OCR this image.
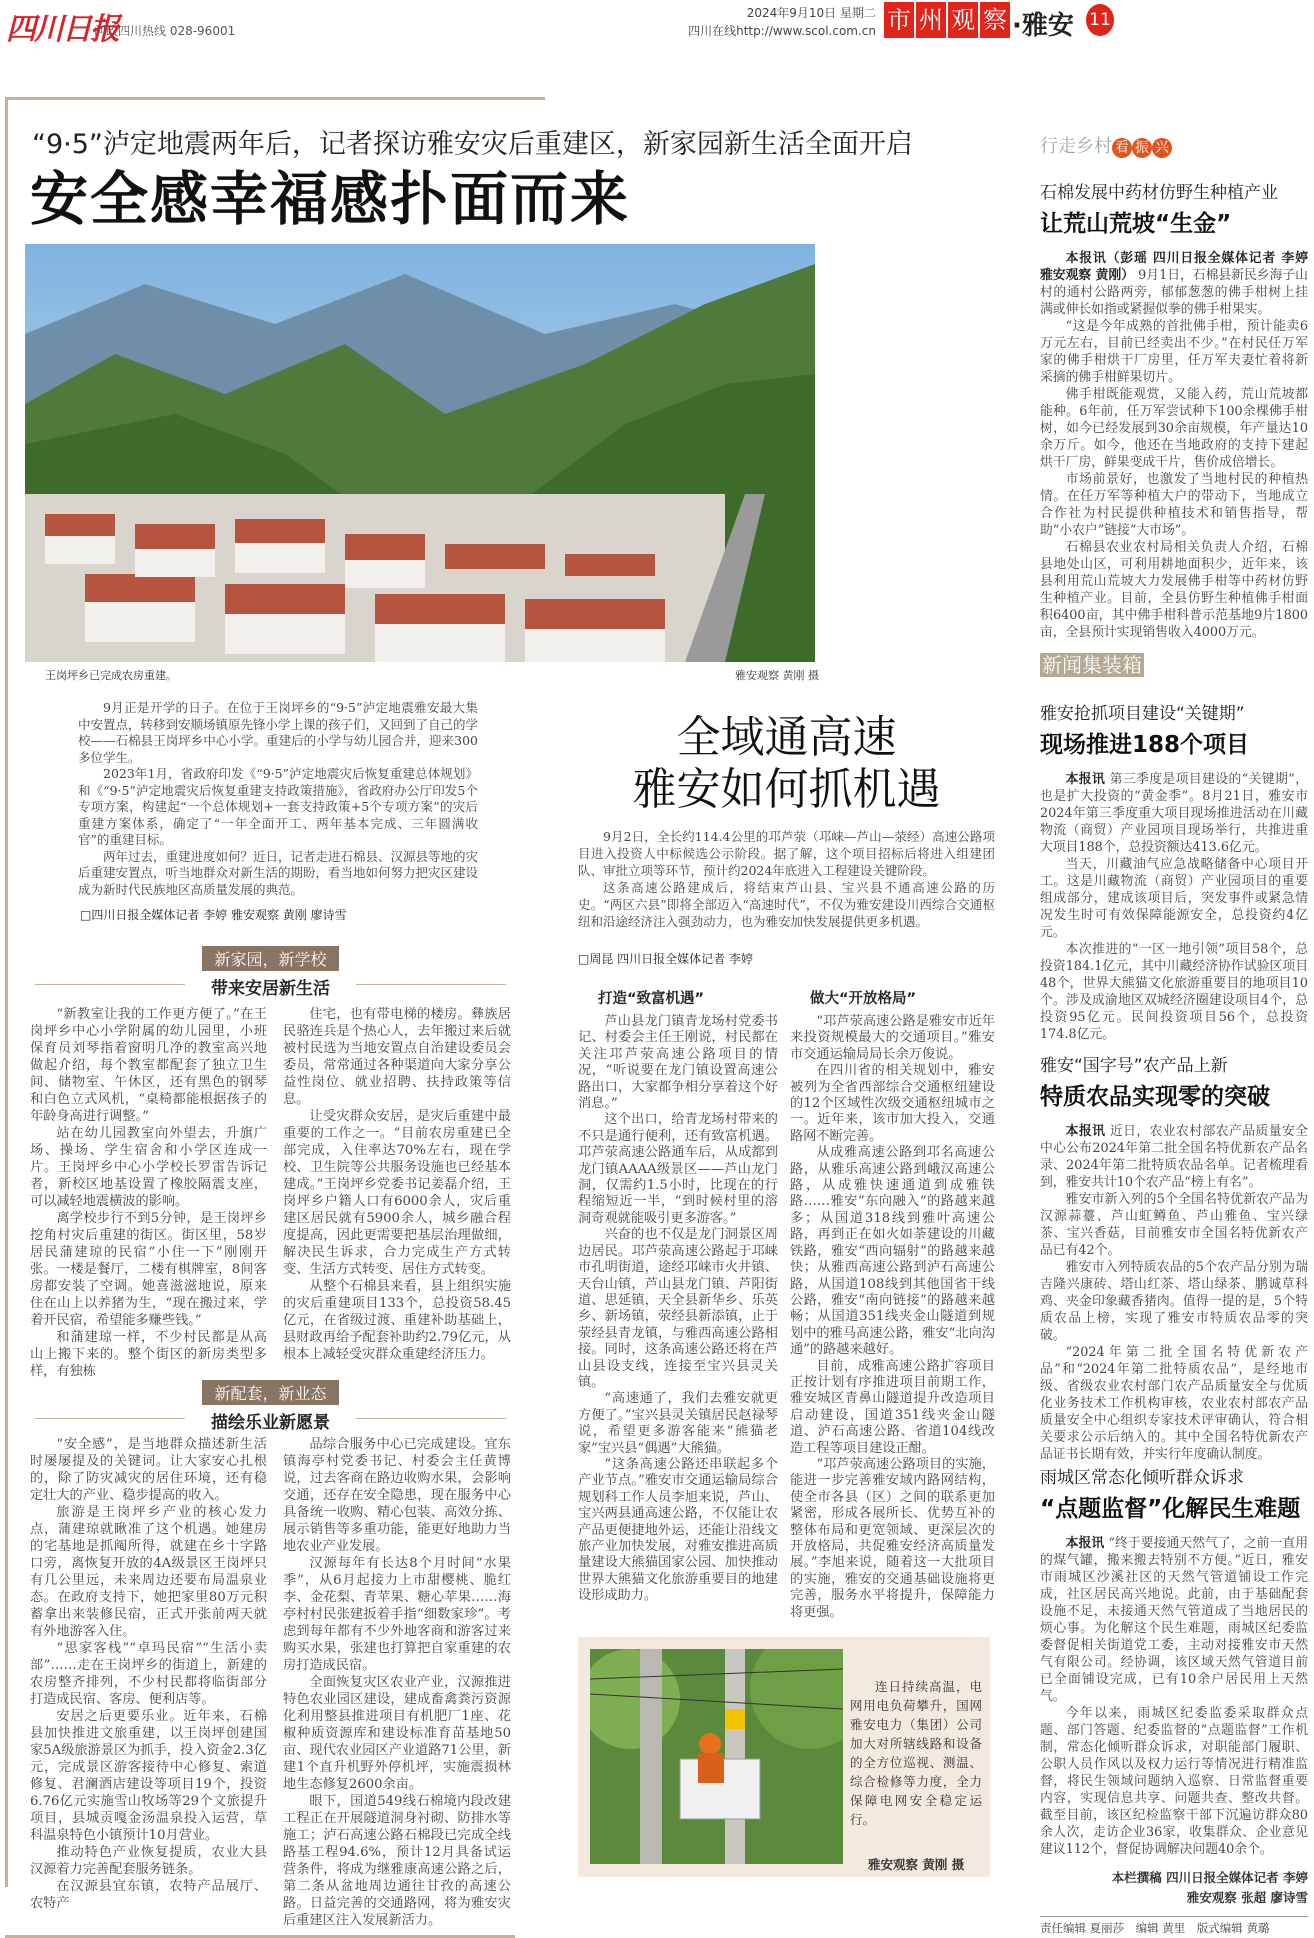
四川日报
问政四川热线 028-96001
2024年9月10日 星期二
四川在线http://www.scol.com.cn 市 州 观 察 ·雅安 11
“9·5”泸定地震两年后，记者探访雅安灾后重建区，新家园新生活全面开启
安全感幸福感扑面而来
王岗坪乡已完成农房重建。	雅安观察 黄刚 摄

9月正是开学的日子。在位于王岗坪乡的“9·5”泸定地震雅安最大集中安置点，转移到安顺场镇原先锋小学上课的孩子们，又回到了自己的学校——石棉县王岗坪乡中心小学。重建后的小学与幼儿园合并，迎来300多位学生。

2023年1月，省政府印发《“9·5”泸定地震灾后恢复重建总体规划》和《“9·5”泸定地震灾后恢复重建支持政策措施》，省政府办公厅印发5个专项方案，构建起“一个总体规划+一套支持政策+5个专项方案”的灾后重建方案体系，确定了“一年全面开工、两年基本完成、三年圆满收官”的重建目标。

两年过去，重建进度如何？近日，记者走进石棉县、汉源县等地的灾后重建安置点，听当地群众对新生活的期盼，看当地如何努力把灾区建设成为新时代民族地区高质量发展的典范。

□四川日报全媒体记者 李婷 雅安观察 黄刚 廖诗雪
新家园，新学校
带来安居新生活

“新教室让我的工作更方便了。”在王岗坪乡中心小学附属的幼儿园里，小班保育员刘琴指着窗明几净的教室高兴地做起介绍，每个教室都配套了独立卫生间、储物室、午休区，还有黑色的钢琴和白色立式风机，“桌椅都能根据孩子的年龄身高进行调整。”

站在幼儿园教室向外望去，升旗广场、操场、学生宿舍和小学区连成一片。王岗坪乡中心小学校长罗雷告诉记者，新校区地基设置了橡胶隔震支座，可以减轻地震横波的影响。

离学校步行不到5分钟，是王岗坪乡挖角村灾后重建的街区。街区里，58岁居民蒲建琼的民宿“小住一下”刚刚开张。一楼是餐厅，二楼有棋牌室，8间客房都安装了空调。她喜滋滋地说，原来住在山上以养猪为生，“现在搬过来，学着开民宿，希望能多赚些钱。”

和蒲建琼一样，不少村民都是从高山上搬下来的。整个街区的新房类型多样，有独栋

住宅，也有带电梯的楼房。彝族居民骆连兵是个热心人，去年搬过来后就被村民选为当地安置点自治建设委员会委员，常常通过各种渠道向大家分享公益性岗位、就业招聘、扶持政策等信息。

让受灾群众安居，是灾后重建中最重要的工作之一。“目前农房重建已全部完成，入住率达70%左右，现在学校、卫生院等公共服务设施也已经基本建成。”王岗坪乡党委书记姜磊介绍，王岗坪乡户籍人口有6000余人，灾后重建区居民就有5900余人，城乡融合程度提高，因此更需要把基层治理做细，解决民生诉求，合力完成生产方式转变、生活方式转变、居住方式转变。

从整个石棉县来看，县上组织实施的灾后重建项目133个，总投资58.45亿元，在省级过渡、重建补助基础上，县财政再给予配套补助约2.79亿元，从根本上减轻受灾群众重建经济压力。

新配套，新业态
描绘乐业新愿景

“安全感”，是当地群众描述新生活时屡屡提及的关键词。让大家安心扎根的，除了防灾减灾的居住环境，还有稳定壮大的产业、稳步提高的收入。

旅游是王岗坪乡产业的核心发力点，蒲建琼就瞅准了这个机遇。她建房的宅基地是抓阄所得，就建在乡十字路口旁，离恢复开放的4A级景区王岗坪只有几公里远，未来周边还要布局温泉业态。在政府支持下，她把家里80万元积蓄拿出来装修民宿，正式开张前两天就有外地游客入住。

“思家客栈”“卓玛民宿”“生活小卖部”……走在王岗坪乡的街道上，新建的农房整齐排列，不少村民都将临街部分打造成民宿、客房、便利店等。

安居之后更要乐业。近年来，石棉县加快推进文旅重建，以王岗坪创建国家5A级旅游景区为抓手，投入资金2.3亿元，完成景区游客接待中心修复、索道修复、君澜酒店建设等项目19个，投资6.76亿元实施雪山牧场等29个文旅提升项目，县城贡嘎金汤温泉投入运营，草科温泉特色小镇预计10月营业。

推动特色产业恢复提质，农业大县汉源着力完善配套服务链条。

在汉源县宜东镇，农特产品展厅、农特产

品综合服务中心已完成建设。宜东镇海亭村党委书记、村委会主任黄博说，过去客商在路边收购水果，会影响交通，还存在安全隐患，现在服务中心具备统一收购、精心包装、高效分拣、展示销售等多重功能，能更好地助力当地农业产业发展。

汉源每年有长达8个月时间“水果季”，从6月起接力上市甜樱桃、脆红李、金花梨、青苹果、糖心苹果……海亭村村民张建扳着手指“细数家珍”。考虑到每年都有不少外地客商和游客过来购买水果，张建也打算把自家重建的农房打造成民宿。

全面恢复灾区农业产业，汉源推进特色农业园区建设，建成畜禽粪污资源化利用整县推进项目有机肥厂1座、花椒种质资源库和建设标准育苗基地50亩、现代农业园区产业道路71公里，新建1个直升机野外停机坪，实施震损林地生态修复2600余亩。

眼下，国道549线石棉境内段改建工程正在开展隧道洞身衬砌、防排水等施工；泸石高速公路石棉段已完成全线路基工程94.6%，预计12月具备试运营条件，将成为继雅康高速公路之后，第二条从盆地周边通往甘孜的高速公路。日益完善的交通路网，将为雅安灾后重建区注入发展新活力。

全域通高速
雅安如何抓机遇

9月2日，全长约114.4公里的邛芦荥（邛崃—芦山—荥经）高速公路项目进入投资人中标候选公示阶段。据了解，这个项目招标后将进入组建团队、审批立项等环节，预计约2024年底进入工程建设关键阶段。

这条高速公路建成后，将结束芦山县、宝兴县不通高速公路的历史。“两区六县”即将全部迈入“高速时代”，不仅为雅安建设川西综合交通枢纽和沿途经济注入强劲动力，也为雅安加快发展提供更多机遇。

□周昆 四川日报全媒体记者 李婷
打造“致富机遇”

芦山县龙门镇青龙场村党委书记、村委会主任王刚说，村民都在关注邛芦荥高速公路项目的情况，“听说要在龙门镇设置高速公路出口，大家都争相分享着这个好消息。”

这个出口，给青龙场村带来的不只是通行便利，还有致富机遇。邛芦荥高速公路通车后，从成都到龙门镇AAAA级景区——芦山龙门洞，仅需约1.5小时，比现在的行程缩短近一半，“到时候村里的溶洞奇观就能吸引更多游客。”

兴奋的也不仅是龙门洞景区周边居民。邛芦荥高速公路起于邛崃市孔明街道，途经邛崃市火井镇、天台山镇，芦山县龙门镇、芦阳街道、思延镇，天全县新华乡、乐英乡、新场镇，荥经县新添镇，止于荥经县青龙镇，与雅西高速公路相接。同时，这条高速公路还将在芦山县设支线，连接至宝兴县灵关镇。

“高速通了，我们去雅安就更方便了。”宝兴县灵关镇居民赵禄琴说，希望更多游客能来“熊猫老家”宝兴县“偶遇”大熊猫。

“这条高速公路还串联起多个产业节点。”雅安市交通运输局综合规划科工作人员李旭来说，芦山、宝兴两县通高速公路，不仅能让农产品更便捷地外运，还能让沿线文旅产业加快发展，对雅安推进高质量建设大熊猫国家公园、加快推动世界大熊猫文化旅游重要目的地建设形成助力。

做大“开放格局”

“邛芦荥高速公路是雅安市近年来投资规模最大的交通项目。”雅安市交通运输局局长余万俊说。

在四川省的相关规划中，雅安被列为全省西部综合交通枢纽建设的12个区域性次级交通枢纽城市之一。近年来，该市加大投入，交通路网不断完善。

从成雅高速公路到邛名高速公路，从雅乐高速公路到峨汉高速公路，从成雅快速通道到成雅铁路……雅安“东向融入”的路越来越多；从国道318线到雅叶高速公路，再到正在如火如荼建设的川藏铁路，雅安“西向辐射”的路越来越快；从雅西高速公路到泸石高速公路，从国道108线到其他国省干线公路，雅安“南向链接”的路越来越畅；从国道351线夹金山隧道到规划中的雅马高速公路，雅安“北向沟通”的路越来越好。

目前，成雅高速公路扩容项目正按计划有序推进项目前期工作，雅安城区青鼻山隧道提升改造项目启动建设，国道351线夹金山隧道、泸石高速公路、省道104线改造工程等项目建设正酣。

“邛芦荥高速公路项目的实施，能进一步完善雅安域内路网结构，使全市各县（区）之间的联系更加紧密，形成各展所长、优势互补的整体布局和更宽领域、更深层次的开放格局，共促雅安经济高质量发展。”李旭来说，随着这一大批项目的实施，雅安的交通基础设施将更完善，服务水平将提升，保障能力将更强。

连日持续高温，电网用电负荷攀升，国网雅安电力（集团）公司加大对所辖线路和设备的全方位巡视、测温、综合检修等力度，全力保障电网安全稳定运行。

雅安观察 黄刚 摄
行走乡村 看 振 兴
石棉发展中药材仿野生种植产业
让荒山荒坡“生金”

本报讯（彭瑶 四川日报全媒体记者 李婷 雅安观察 黄刚） 9月1日，石棉县新民乡海子山村的通村公路两旁，郁郁葱葱的佛手柑树上挂满或伸长如指或紧握似拳的佛手柑果实。

“这是今年成熟的首批佛手柑，预计能卖6万元左右，目前已经卖出不少。”在村民任万军家的佛手柑烘干厂房里，任万军夫妻忙着将新采摘的佛手柑鲜果切片。

佛手柑既能观赏，又能入药，荒山荒坡都能种。6年前，任万军尝试种下100余棵佛手柑树，如今已经发展到30余亩规模，年产量达10余万斤。如今，他还在当地政府的支持下建起烘干厂房，鲜果变成干片，售价成倍增长。

市场前景好，也激发了当地村民的种植热情。在任万军等种植大户的带动下，当地成立合作社为村民提供种植技术和销售指导，帮助“小农户”链接“大市场”。

石棉县农业农村局相关负责人介绍，石棉县地处山区，可利用耕地面积少，近年来，该县利用荒山荒坡大力发展佛手柑等中药材仿野生种植产业。目前，全县仿野生种植佛手柑面积6400亩，其中佛手柑科普示范基地9片1800亩，全县预计实现销售收入4000万元。

新闻集装箱
雅安抢抓项目建设“关键期”
现场推进188个项目

本报讯 第三季度是项目建设的“关键期”，也是扩大投资的“黄金季”。8月21日，雅安市2024年第三季度重大项目现场推进活动在川藏物流（商贸）产业园项目现场举行，共推进重大项目188个，总投资额达413.6亿元。

当天，川藏油气应急战略储备中心项目开工。这是川藏物流（商贸）产业园项目的重要组成部分，建成该项目后，突发事件或紧急情况发生时可有效保障能源安全，总投资约4亿元。

本次推进的“一区一地引领”项目58个，总投资184.1亿元，其中川藏经济协作试验区项目48个，世界大熊猫文化旅游重要目的地项目10个。涉及成渝地区双城经济圈建设项目4个，总投资95亿元。民间投资项目56个，总投资174.8亿元。

雅安“国字号”农产品上新
特质农品实现零的突破

本报讯 近日，农业农村部农产品质量安全中心公布2024年第二批全国名特优新农产品名录、2024年第二批特质农品名单。记者梳理看到，雅安共计10个农产品“榜上有名”。

雅安市新入列的5个全国名特优新农产品为汉源蒜薹、芦山虹鳟鱼、芦山雅鱼、宝兴绿茶、宝兴香菇，目前雅安市全国名特优新农产品已有42个。

雅安市入列特质农品的5个农产品分别为瑞吉隆兴康砖、塔山红茶、塔山绿茶、鹏诚草科鸡、夹金印象藏香猪肉。值得一提的是，5个特质农品上榜，实现了雅安市特质农品零的突破。

“2024年第二批全国名特优新农产品”和“2024年第二批特质农品”，是经地市级、省级农业农村部门农产品质量安全与优质化业务技术工作机构审核，农业农村部农产品质量安全中心组织专家技术评审确认，符合相关要求公示后纳入的。其中全国名特优新农产品证书长期有效，并实行年度确认制度。

雨城区常态化倾听群众诉求
“点题监督”化解民生难题

本报讯 “终于要接通天然气了，之前一直用的煤气罐，搬来搬去特别不方便。”近日，雅安市雨城区沙溪社区的天然气管道铺设工作完成，社区居民高兴地说。此前，由于基础配套设施不足，未接通天然气管道成了当地居民的烦心事。为化解这个民生难题，雨城区纪委监委督促相关街道党工委，主动对接雅安市天然气有限公司。经协调，该区域天然气管道目前已全面铺设完成，已有10余户居民用上天然气。

今年以来，雨城区纪委监委采取群众点题、部门答题、纪委监督的“点题监督”工作机制，常态化倾听群众诉求，对职能部门履职、公职人员作风以及权力运行等情况进行精准监督，将民生领域问题纳入巡察、日常监督重要内容，实现信息共享、问题共查、整改共督。截至目前，该区纪检监察干部下沉遍访群众80余人次，走访企业36家，收集群众、企业意见建议112个，督促协调解决问题40余个。

本栏撰稿 四川日报全媒体记者 李婷
雅安观察 张超 廖诗雪
责任编辑 夏丽莎　编辑 黄里　版式编辑 黄璐
